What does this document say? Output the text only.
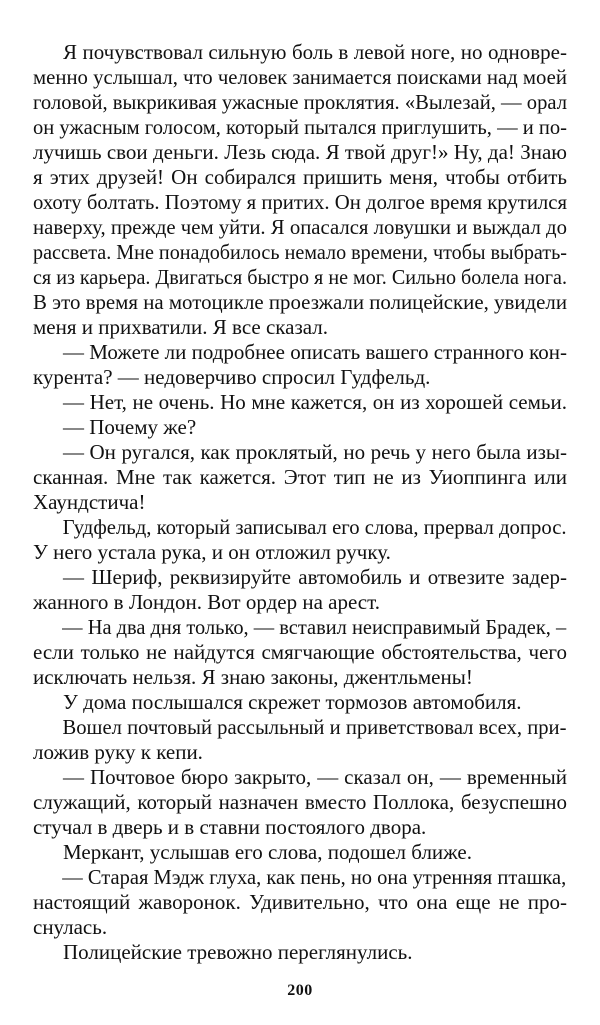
Я почувствовал сильную боль в левой ноге, но одновре-
менно услышал, что человек занимается поисками над моей
головой, выкрикивая ужасные проклятия. «Вылезай, — орал
он ужасным голосом, который пытался приглушить, — и по-
лучишь свои деньги. Лезь сюда. Я твой друг!» Ну, да! Знаю
я этих друзей! Он собирался пришить меня, чтобы отбить
охоту болтать. Поэтому я притих. Он долгое время крутился
наверху, прежде чем уйти. Я опасался ловушки и выждал до
рассвета. Мне понадобилось немало времени, чтобы выбрать-
ся из карьера. Двигаться быстро я не мог. Сильно болела нога.
В это время на мотоцикле проезжали полицейские, увидели
меня и прихватили. Я все сказал.
— Можете ли подробнее описать вашего странного кон-
курента? — недоверчиво спросил Гудфельд.
— Нет, не очень. Но мне кажется, он из хорошей семьи.
— Почему же?
— Он ругался, как проклятый, но речь у него была изы-
сканная. Мне так кажется. Этот тип не из Уиоппинга или
Хаундстича!
Гудфельд, который записывал его слова, прервал допрос.
У него устала рука, и он отложил ручку.
— Шериф, реквизируйте автомобиль и отвезите задер-
жанного в Лондон. Вот ордер на арест.
— На два дня только, — вставил неисправимый Брадек, –
если только не найдутся смягчающие обстоятельства, чего
исключать нельзя. Я знаю законы, джентльмены!
У дома послышался скрежет тормозов автомобиля.
Вошел почтовый рассыльный и приветствовал всех, при-
ложив руку к кепи.
— Почтовое бюро закрыто, — сказал он, — временный
служащий, который назначен вместо Поллока, безуспешно
стучал в дверь и в ставни постоялого двора.
Меркант, услышав его слова, подошел ближе.
— Старая Мэдж глуха, как пень, но она утренняя пташка,
настоящий жаворонок. Удивительно, что она еще не про-
снулась.
Полицейские тревожно переглянулись.
200
